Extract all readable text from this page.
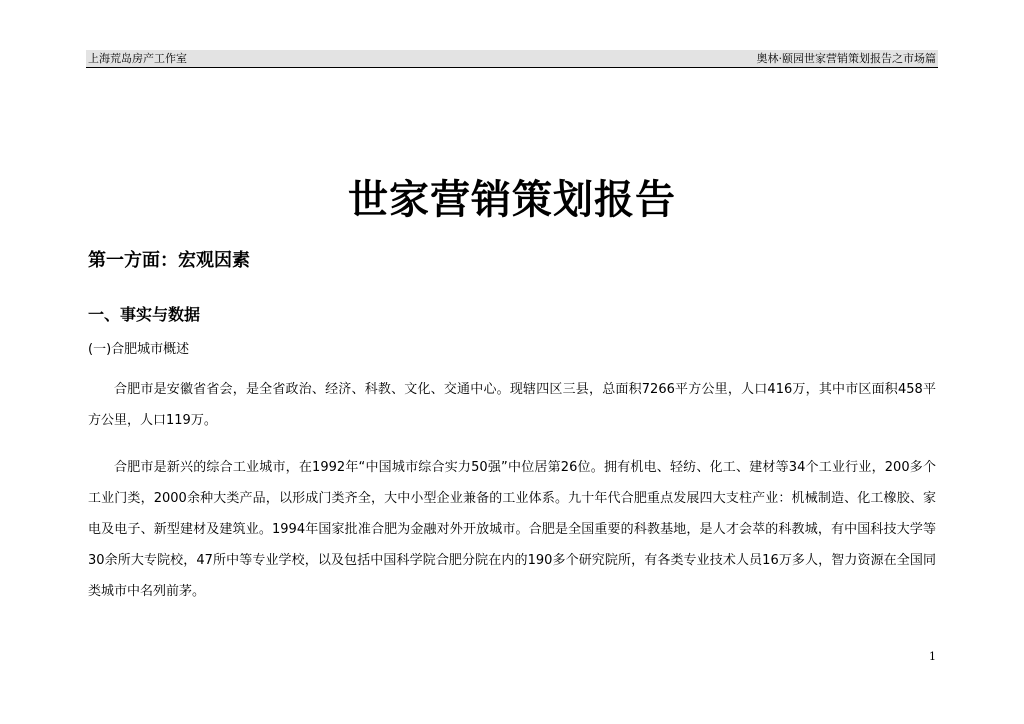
上海荒岛房产工作室	奥林·颐园世家营销策划报告之市场篇
世家营销策划报告
第一方面：宏观因素
一、事实与数据
(一)合肥城市概述

合肥市是安徽省省会，是全省政治、经济、科教、文化、交通中心。现辖四区三县，总面积7266平方公里，人口416万，其中市区面积458平方公里，人口119万。

合肥市是新兴的综合工业城市，在1992年“中国城市综合实力50强”中位居第26位。拥有机电、轻纺、化工、建材等34个工业行业，200多个工业门类，2000余种大类产品，以形成门类齐全，大中小型企业兼备的工业体系。九十年代合肥重点发展四大支柱产业：机械制造、化工橡胶、家电及电子、新型建材及建筑业。1994年国家批准合肥为金融对外开放城市。合肥是全国重要的科教基地，是人才会萃的科教城，有中国科技大学等30余所大专院校，47所中等专业学校，以及包括中国科学院合肥分院在内的190多个研究院所，有各类专业技术人员16万多人，智力资源在全国同类城市中名列前茅。

1
